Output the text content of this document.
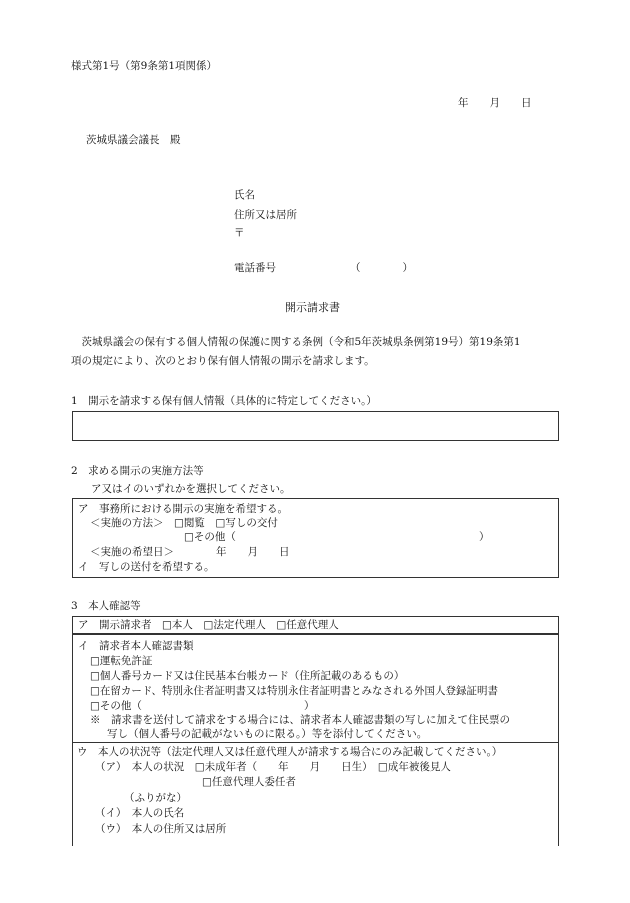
様式第1号（第9条第1項関係）
年　　月　　日
茨城県議会議長　殿
氏名
住所又は居所
〒
電話番号	（　　　　）
開示請求書
　茨城県議会の保有する個人情報の保護に関する条例（令和5年茨城県条例第19号）第19条第1
項の規定により、次のとおり保有個人情報の開示を請求します。
1　開示を請求する保有個人情報（具体的に特定してください。）
2　求める開示の実施方法等
ア又はイのいずれかを選択してください。
ア　事務所における開示の実施を希望する。
＜実施の方法＞　□閲覧　□写しの交付
□その他（	）
＜実施の希望日＞　　　　年　　月　　日
イ　写しの送付を希望する。
3　本人確認等
ア　開示請求者　□本人　□法定代理人　□任意代理人
イ　請求者本人確認書類
□運転免許証
□個人番号カード又は住民基本台帳カード（住所記載のあるもの）
□在留カード、特別永住者証明書又は特別永住者証明書とみなされる外国人登録証明書
□その他（	）
※　請求書を送付して請求をする場合には、請求者本人確認書類の写しに加えて住民票の
写し（個人番号の記載がないものに限る。）等を添付してください。
ウ　本人の状況等（法定代理人又は任意代理人が請求する場合にのみ記載してください。）
（ア）　本人の状況　□未成年者（　　年　　月　　日生）　□成年被後見人
□任意代理人委任者
（ふりがな）
（イ）　本人の氏名
（ウ）　本人の住所又は居所
